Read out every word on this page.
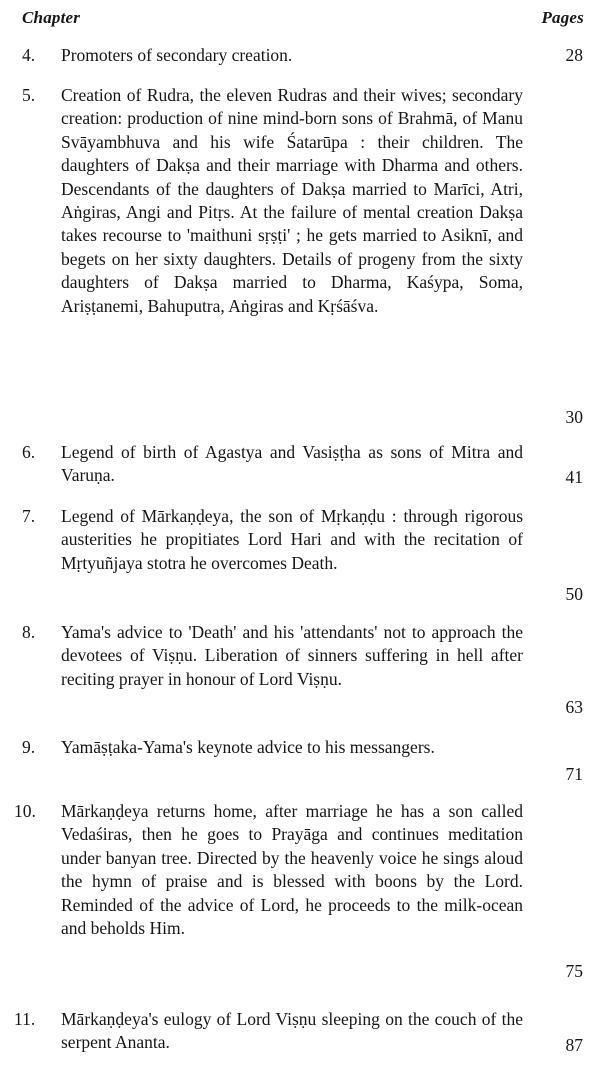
Chapter	Pages
4. Promoters of secondary creation.	28
5. Creation of Rudra, the eleven Rudras and their wives; secondary creation: production of nine mind-born sons of Brahmā, of Manu Svāyambhuva and his wife Śatarūpa : their children. The daughters of Dakṣa and their marriage with Dharma and others. Descendants of the daughters of Dakṣa married to Marīci, Atri, Aṅgiras, Angi and Pitṛs. At the failure of mental creation Dakṣa takes recourse to 'maithuni sṛṣṭi' ; he gets married to Asiknī, and begets on her sixty daughters. Details of progeny from the sixty daughters of Dakṣa married to Dharma, Kaśypa, Soma, Ariṣṭanemi, Bahuputra, Aṅgiras and Kṛśāśva.
30
6. Legend of birth of Agastya and Vasiṣṭha as sons of Mitra and Varuṇa.	41
7. Legend of Mārkaṇḍeya, the son of Mṛkaṇḍu : through rigorous austerities he propitiates Lord Hari and with the recitation of Mṛtyuñjaya stotra he overcomes Death.
50
8. Yama's advice to 'Death' and his 'attendants' not to approach the devotees of Viṣṇu. Liberation of sinners suffering in hell after reciting prayer in honour of Lord Viṣṇu.
63
9. Yamāṣṭaka-Yama's keynote advice to his messangers.
71
10. Mārkaṇḍeya returns home, after marriage he has a son called Vedaśiras, then he goes to Prayāga and continues meditation under banyan tree. Directed by the heavenly voice he sings aloud the hymn of praise and is blessed with boons by the Lord. Reminded of the advice of Lord, he proceeds to the milk-ocean and beholds Him.
75
11. Mārkaṇḍeya's eulogy of Lord Viṣṇu sleeping on the couch of the serpent Ananta.	87
